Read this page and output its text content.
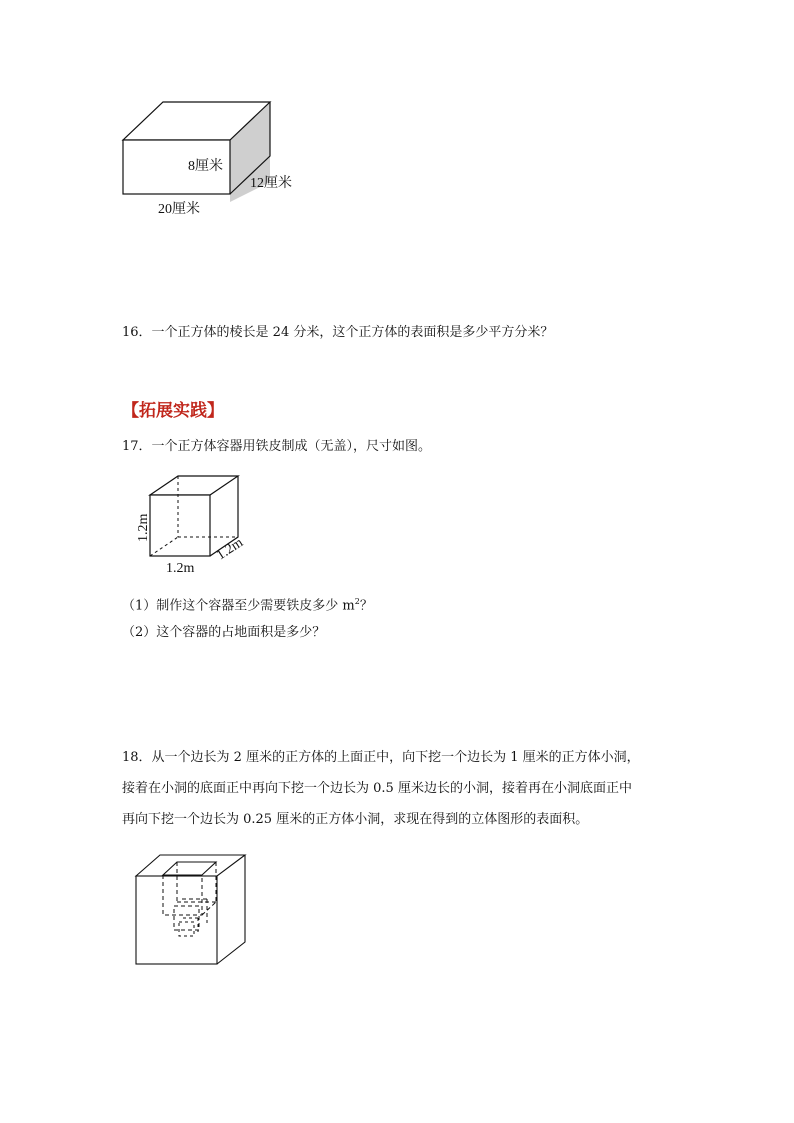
8厘米
12厘米
20厘米
16．一个正方体的棱长是 24 分米，这个正方体的表面积是多少平方分米？
【拓展实践】
17．一个正方体容器用铁皮制成（无盖），尺寸如图。
1.2m
1.2m
1.2m
（1）制作这个容器至少需要铁皮多少 $m^2$？
（2）这个容器的占地面积是多少？
18．从一个边长为 2 厘米的正方体的上面正中，向下挖一个边长为 1 厘米的正方体小洞，
接着在小洞的底面正中再向下挖一个边长为 0.5 厘米边长的小洞，接着再在小洞底面正中
再向下挖一个边长为 0.25 厘米的正方体小洞，求现在得到的立体图形的表面积。
